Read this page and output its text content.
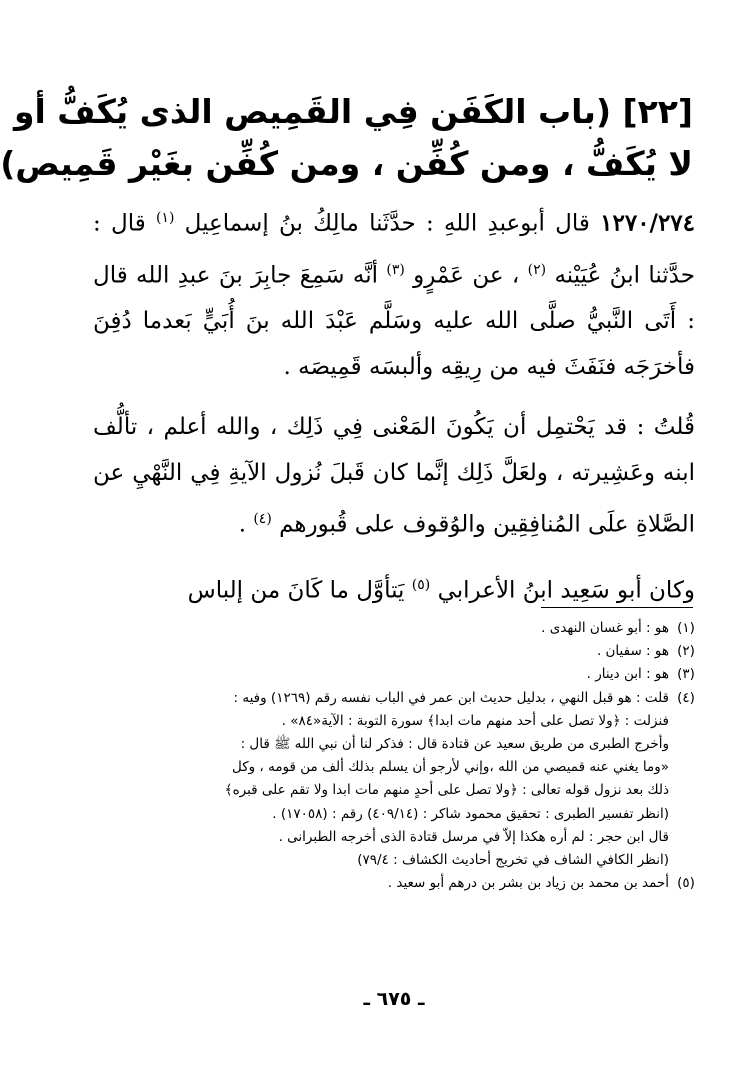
[٢٢] (باب الكَفَن فِي القَمِيص الذى يُكَفُّ أو
لا يُكَفُّ ، ومن كُفِّن ، ومن كُفِّن بغَيْر قَمِيص)

١٢٧٠/٢٧٤ قال أبوعبدِ اللهِ : حدَّثَنا مالِكُ بنُ إسماعِيل $^{(١)}$ قال : حدَّثنا ابنُ عُيَيْنه $^{(٢)}$ ، عن عَمْرٍو $^{(٣)}$ أنَّه سَمِعَ جابِرَ بنَ عبدِ الله قال : أَتَى النَّبيُّ صلَّى الله عليه وسَلَّم عَبْدَ الله بنَ أُبَيٍّ بَعدما دُفِنَ فأخرَجَه فنَفَثَ فيه من رِيقِه وألبسَه قَمِيصَه .

قُلتُ : قد يَحْتمِل أن يَكُونَ المَعْنى فِي ذَلِك ، والله أعلم ، تألُّف ابنه وعَشِيرته ، ولعَلَّ ذَلِك إنَّما كان قَبلَ نُزول الآيةِ فِي النَّهْيِ عن الصَّلاةِ علَى المُنافِقِين والوُقوف على قُبورهم $^{(٤)}$ .

وكان أبو سَعِيد ابنُ الأعرابي $^{(٥)}$ يَتأوَّل ما كَانَ من إلباس

(١)
هو : أبو غسان النهدى .
(٢)
هو : سفيان .
(٣)
هو : ابن دينار .
(٤)
قلت : هو قبل النهي ، بدليل حديث ابن عمر في الباب نفسه رقم (١٢٦٩) وفيه :
فنزلت : ﴿ولا تصل على أحد منهم مات ابدا﴾ سورة التوبة : الآية«٨٤» .
وأخرج الطبرى من طريق سعيد عن قتادة قال : فذكر لنا أن نبي الله ﷺ قال :
«وما يغني عنه قميصي من الله ،وإني لأرجو أن يسلم بذلك ألف من قومه ، وكل
ذلك بعد نزول قوله تعالى : ﴿ولا تصل على أحدٍ منهم مات ابدا ولا تقم على قبره﴾
(انظر تفسير الطبرى : تحقيق محمود شاكر : (٤٠٩/١٤) رقم : (١٧٠٥٨) .
قال ابن حجر : لم أره هكذا إلاّ في مرسل قتادة الذى أخرجه الطبرانى .
(انظر الكافي الشاف في تخريج أحاديث الكشاف : ٧٩/٤)
(٥)
أحمد بن محمد بن زياد بن بشر بن درهم أبو سعيد .
ـ ٦٧٥ ـ
